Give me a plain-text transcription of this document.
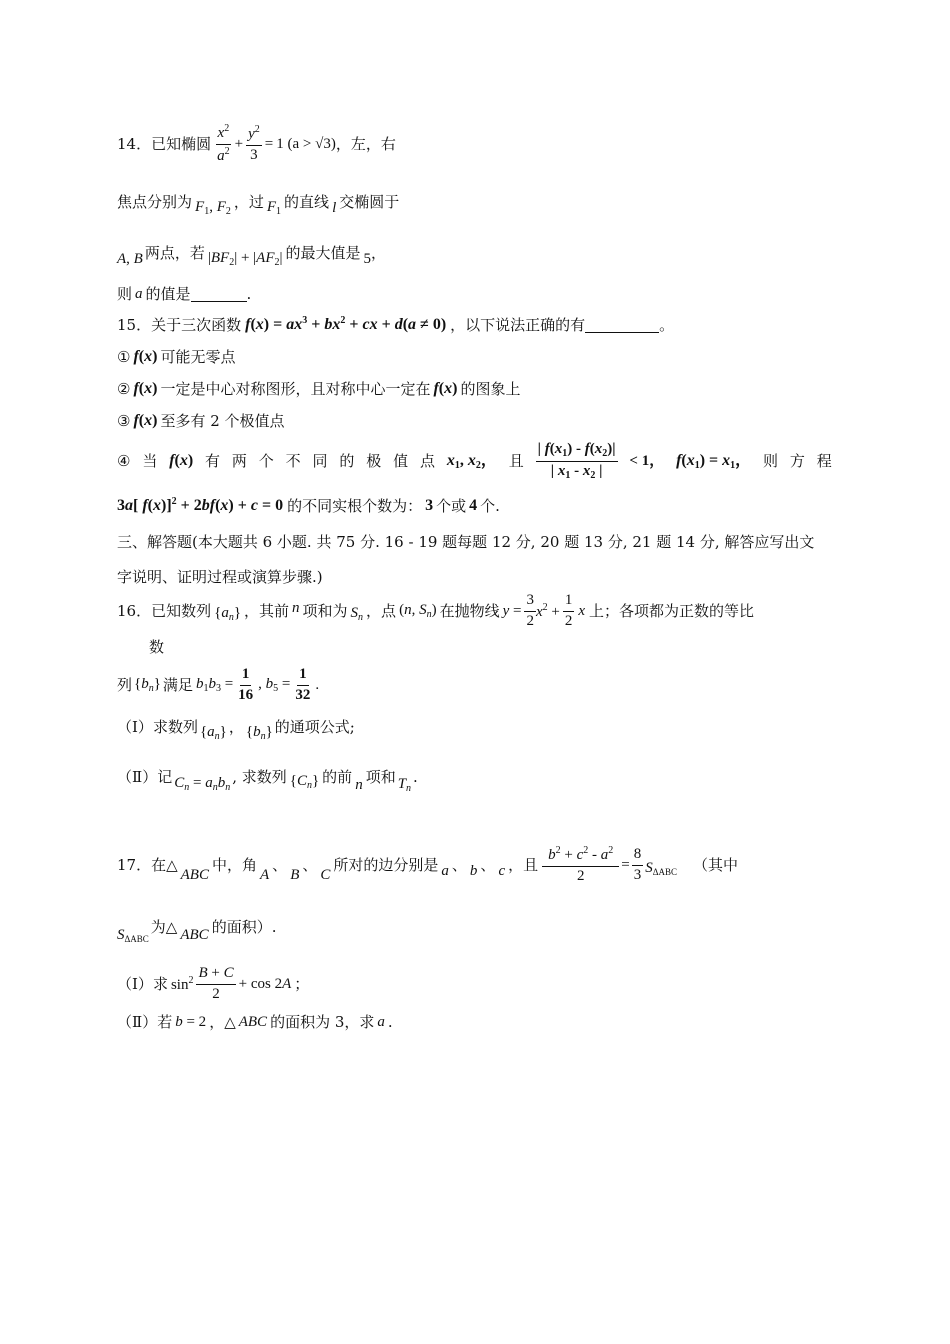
14． 已知椭圆
$x^2$
$a^2 + \frac{y^2}{3} = 1$ (a > √3) ，左，右
焦点分别为 $F_1$, $F_2$
，过 $F_1$
的直线 l 交椭圆于
A, B 两点，若 $|BF_2| + |AF_2|$ 的最大值是 5 ，
则 a 的值是	.
15． 关于三次函数 $f(x) = ax^3 + bx^2$ + cx + d(a ≠ 0) ，以下说法正确的有	。
① f(x) 可能无零点
② f(x) 一定是中心对称图形，且对称中心一定在 f(x) 的图象上
③ f(x) 至多有 2 个极值点
④ 当 f(x) 有 两 个 不 同 的 极 值 点 $x_1$, $x_2$， 且
| $f(x_1) - f(x_2)|$
| $x_1 - x_2$ |
< 1， $f(x_1) = x_1$， 则 方 程
3a[ f(x)]$^2$ + 2bf(x) + c = 0 的不同实根个数为： 3 个或 4 个.
三、解答题(本大题共 6 小题. 共 75 分. 16 - 19 题每题 12 分, 20 题 13 分, 21 题 14 分, 解答应写出文
字说明、证明过程或演算步骤.)
16． 已知数列 $\{a_n\}$ ，其前 n 项和为 $S_n$ ，点 (n, $S_n$) 在抛物线 $y = \frac{3}{2} x^2 + \frac{1}{2}$ x 上；各项都为正数的等比
数
列 $\{b_n\}$ 满足 $b_1b_3 = \frac{1}{16}$ , $b_5 = \frac{1}{32}$ .
（Ⅰ） 求数列 $\{a_n\}$ ， $\{b_n\}$ 的通项公式;
（Ⅱ） 记 $C_n = a_nb_n$
, 求数列 $\{C_n\}$ 的前 n 项和 $T_n$
.
17． 在△
ABC
中，角
A
、
B
、
C
所对的边分别是 a 、 b 、 c ，且 $\frac{b^2 + c^2 - a^2}{2} = \frac{8}{3} S_{\Delta ABC}$ （其中
$S_{\Delta ABC}$
为△ ABC 的面积）.
（Ⅰ） 求 $\sin^2 B + C$
2
+ cos 2A ；
（Ⅱ） 若 b = 2 ，△ ABC 的面积为 3，求 a .
